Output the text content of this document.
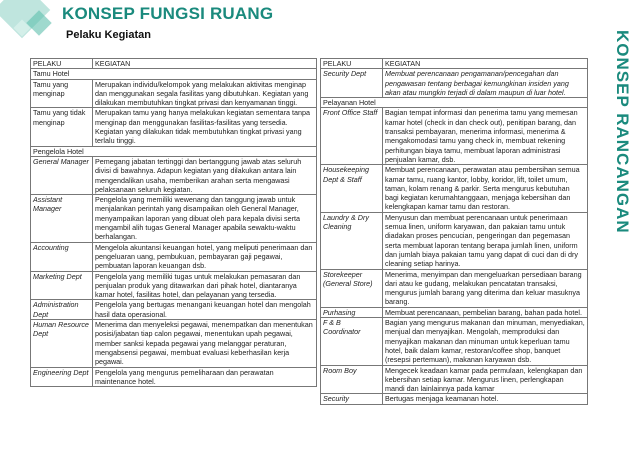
KONSEP FUNGSI RUANG
Pelaku Kegiatan	KONSEP RANCANGAN
PELAKU	KEGIATAN
Tamu Hotel	
Tamu yang menginap	Merupakan individu/kelompok yang melakukan aktivitas menginap dan menggunakan segala fasilitas yang dibutuhkan. Kegiatan yang dilakukan membutuhkan tingkat privasi dan kenyamanan tinggi.
Tamu yang tidak menginap	Merupakan tamu yang hanya melakukan kegiatan sementara tanpa menginap dan menggunakan fasilitas-fasilitas yang tersedia. Kegiatan yang dilakukan tidak membutuhkan tingkat privasi yang terlalu tinggi.
Pengelola Hotel	
General Manager	Pemegang jabatan tertinggi dan bertanggung jawab atas seluruh divisi di bawahnya. Adapun kegiatan yang dilakukan antara lain mengendalikan usaha, memberikan arahan serta mengawasi pelaksanaan seluruh kegiatan.
Assistant Manager	Pengelola yang memiliki wewenang dan tanggung jawab untuk menjalankan perintah yang disampaikan oleh General Manager, menyampaikan laporan yang dibuat oleh para kepala divisi serta mengambil alih tugas General Manager apabila sewaktu-waktu berhalangan.
Accounting	Mengelola akuntansi keuangan hotel, yang meliputi penerimaan dan pengeluaran uang, pembukuan, pembayaran gaji pegawai, pembuatan laporan keuangan dsb.
Marketing Dept	Pengelola yang memiliki tugas untuk melakukan pemasaran dan penjualan produk yang ditawarkan dari pihak hotel, diantaranya kamar hotel, fasilitas hotel, dan pelayanan yang tersedia.
Administration Dept	Pengelola yang bertugas menangani keuangan hotel dan mengolah hasil data operasional.
Human Resource Dept	Menerima dan menyeleksi pegawai, menempatkan dan menentukan posisi/jabatan tiap calon pegawai, menentukan upah pegawai, member sanksi kepada pegawai yang melanggar peraturan, mengabsensi pegawai, membuat evaluasi keberhasilan kerja pegawai.
Engineering Dept	Pengelola yang mengurus pemeliharaan dan perawatan maintenance hotel.
PELAKU	KEGIATAN
Security Dept	Membuat perencanaan pengamanan/pencegahan dan pengawasan tentang berbagai kemungkinan insiden yang akan atau mungkin terjadi di dalam maupun di luar hotel.
Pelayanan Hotel	
Front Office Staff	Bagian tempat informasi dan penerima tamu yang memesan kamar hotel (check in dan check out), penitipan barang, dan transaksi pembayaran, menerima informasi, menerima & mengakomodasi tamu yang check in, membuat rekening perhitungan biaya tamu, membuat laporan administrasi penjualan kamar, dsb.
Housekeeping Dept & Staff	Membuat perencanaan, perawatan atau pembersihan semua kamar tamu, ruang kantor, lobby, koridor, lift, toilet umum, taman, kolam renang & parkir. Serta mengurus kebutuhan bagi kegiatan kerumahtanggaan, menjaga kebersihan dan kelengkapan kamar tamu dan restoran.
Laundry & Dry Cleaning	Menyusun dan membuat perencanaan untuk penerimaan semua linen, uniform karyawan, dan pakaian tamu untuk diadakan proses pencucian, pengeringan dan pegemasan serta membuat laporan tentang berapa jumlah linen, uniform dan jumlah biaya pakaian tamu yang dapat di cuci dan di dry cleaning setiap harinya.
Storekeeper (General Store)	Menerima, menyimpan dan mengeluarkan persediaan barang dari atau ke gudang, melakukan pencatatan transaksi, mengurus jumlah barang yang diterima dan keluar masuknya barang.
Purhasing	Membuat perencanaan, pembelian barang, bahan pada hotel.
F & B Coordinator	Bagian yang mengurus makanan dan minuman, menyediakan, menjual dan menyajikan. Mengolah, memproduksi dan menyajikan makanan dan minuman untuk keperluan tamu hotel, baik dalam kamar, restoran/coffee shop, banquet (resepsi pertemuan), makanan karyawan dsb.
Room Boy	Mengecek keadaan kamar pada permulaan, kelengkapan dan kebersihan setiap kamar. Mengurus linen, perlengkapan mandi dan lainlainnya pada kamar
Security	Bertugas menjaga keamanan hotel.
